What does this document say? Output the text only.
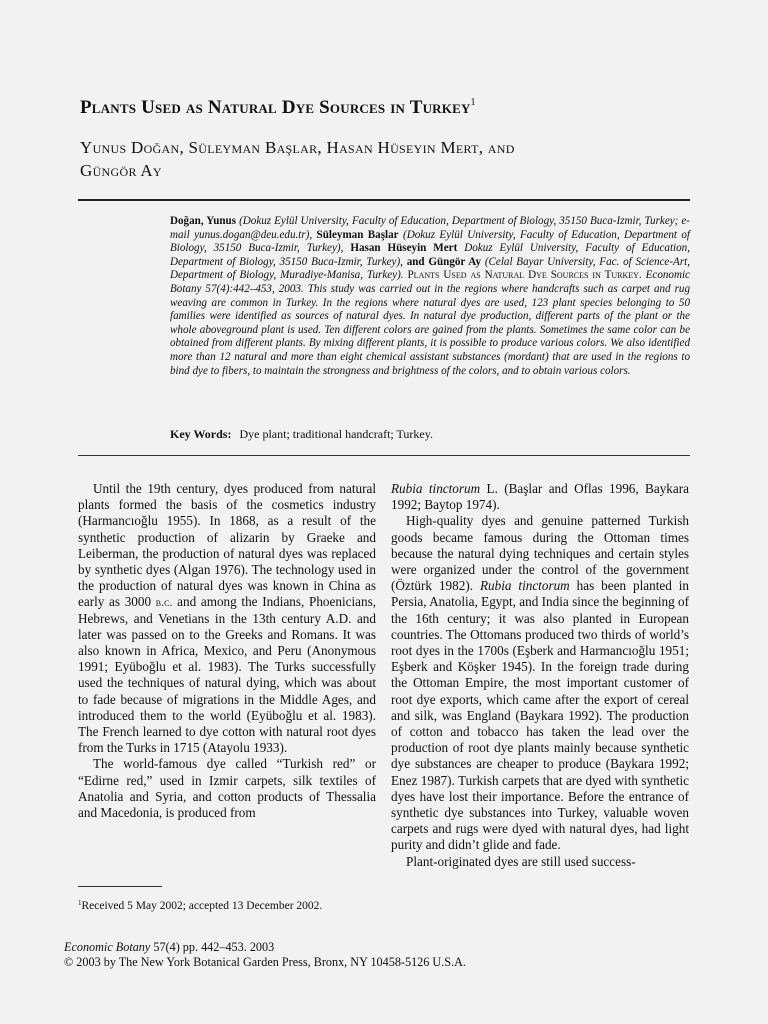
Plants Used as Natural Dye Sources in Turkey$^1$
Yunus Doğan, Süleyman Başlar, Hasan Hüseyin Mert, and
Güngör Ay
Doğan, Yunus (Dokuz Eylül University, Faculty of Education, Department of Biology, 35150 Buca-Izmir, Turkey; e-mail yunus.dogan@deu.edu.tr), Süleyman Başlar (Dokuz Eylül University, Faculty of Education, Department of Biology, 35150 Buca-Izmir, Turkey), Hasan Hüseyin Mert Dokuz Eylül University, Faculty of Education, Department of Biology, 35150 Buca-Izmir, Turkey), and Güngör Ay (Celal Bayar University, Fac. of Science-Art, Department of Biology, Muradiye-Manisa, Turkey). Plants Used as Natural Dye Sources in Turkey. Economic Botany 57(4):442–453, 2003. This study was carried out in the regions where handcrafts such as carpet and rug weaving are common in Turkey. In the regions where natural dyes are used, 123 plant species belonging to 50 families were identified as sources of natural dyes. In natural dye production, different parts of the plant or the whole aboveground plant is used. Ten different colors are gained from the plants. Sometimes the same color can be obtained from different plants. By mixing different plants, it is possible to produce various colors. We also identified more than 12 natural and more than eight chemical assistant substances (mordant) that are used in the regions to bind dye to fibers, to maintain the strongness and brightness of the colors, and to obtain various colors.
Key Words: Dye plant; traditional handcraft; Turkey.

Until the 19th century, dyes produced from natural plants formed the basis of the cosmetics industry (Harmancıoğlu 1955). In 1868, as a result of the synthetic production of alizarin by Graeke and Leiberman, the production of natural dyes was replaced by synthetic dyes (Algan 1976). The technology used in the production of natural dyes was known in China as early as 3000 b.c. and among the Indians, Phoenicians, Hebrews, and Venetians in the 13th century A.D. and later was passed on to the Greeks and Romans. It was also known in Africa, Mexico, and Peru (Anonymous 1991; Eyüboğlu et al. 1983). The Turks successfully used the techniques of natural dying, which was about to fade because of migrations in the Middle Ages, and introduced them to the world (Eyüboğlu et al. 1983). The French learned to dye cotton with natural root dyes from the Turks in 1715 (Atayolu 1933).

The world-famous dye called “Turkish red” or “Edirne red,” used in Izmir carpets, silk textiles of Anatolia and Syria, and cotton products of Thessalia and Macedonia, is produced from

Rubia tinctorum L. (Başlar and Oflas 1996, Baykara 1992; Baytop 1974).

High-quality dyes and genuine patterned Turkish goods became famous during the Ottoman times because the natural dying techniques and certain styles were organized under the control of the government (Öztürk 1982). Rubia tinctorum has been planted in Persia, Anatolia, Egypt, and India since the beginning of the 16th century; it was also planted in European countries. The Ottomans produced two thirds of world’s root dyes in the 1700s (Eşberk and Harmancıoğlu 1951; Eşberk and Köşker 1945). In the foreign trade during the Ottoman Empire, the most important customer of root dye exports, which came after the export of cereal and silk, was England (Baykara 1992). The production of cotton and tobacco has taken the lead over the production of root dye plants mainly because synthetic dye substances are cheaper to produce (Baykara 1992; Enez 1987). Turkish carpets that are dyed with synthetic dyes have lost their importance. Before the entrance of synthetic dye substances into Turkey, valuable woven carpets and rugs were dyed with natural dyes, had light purity and didn’t glide and fade.

Plant-originated dyes are still used success-

$^1$Received 5 May 2002; accepted 13 December 2002.
Economic Botany 57(4) pp. 442–453. 2003
© 2003 by The New York Botanical Garden Press, Bronx, NY 10458-5126 U.S.A.
